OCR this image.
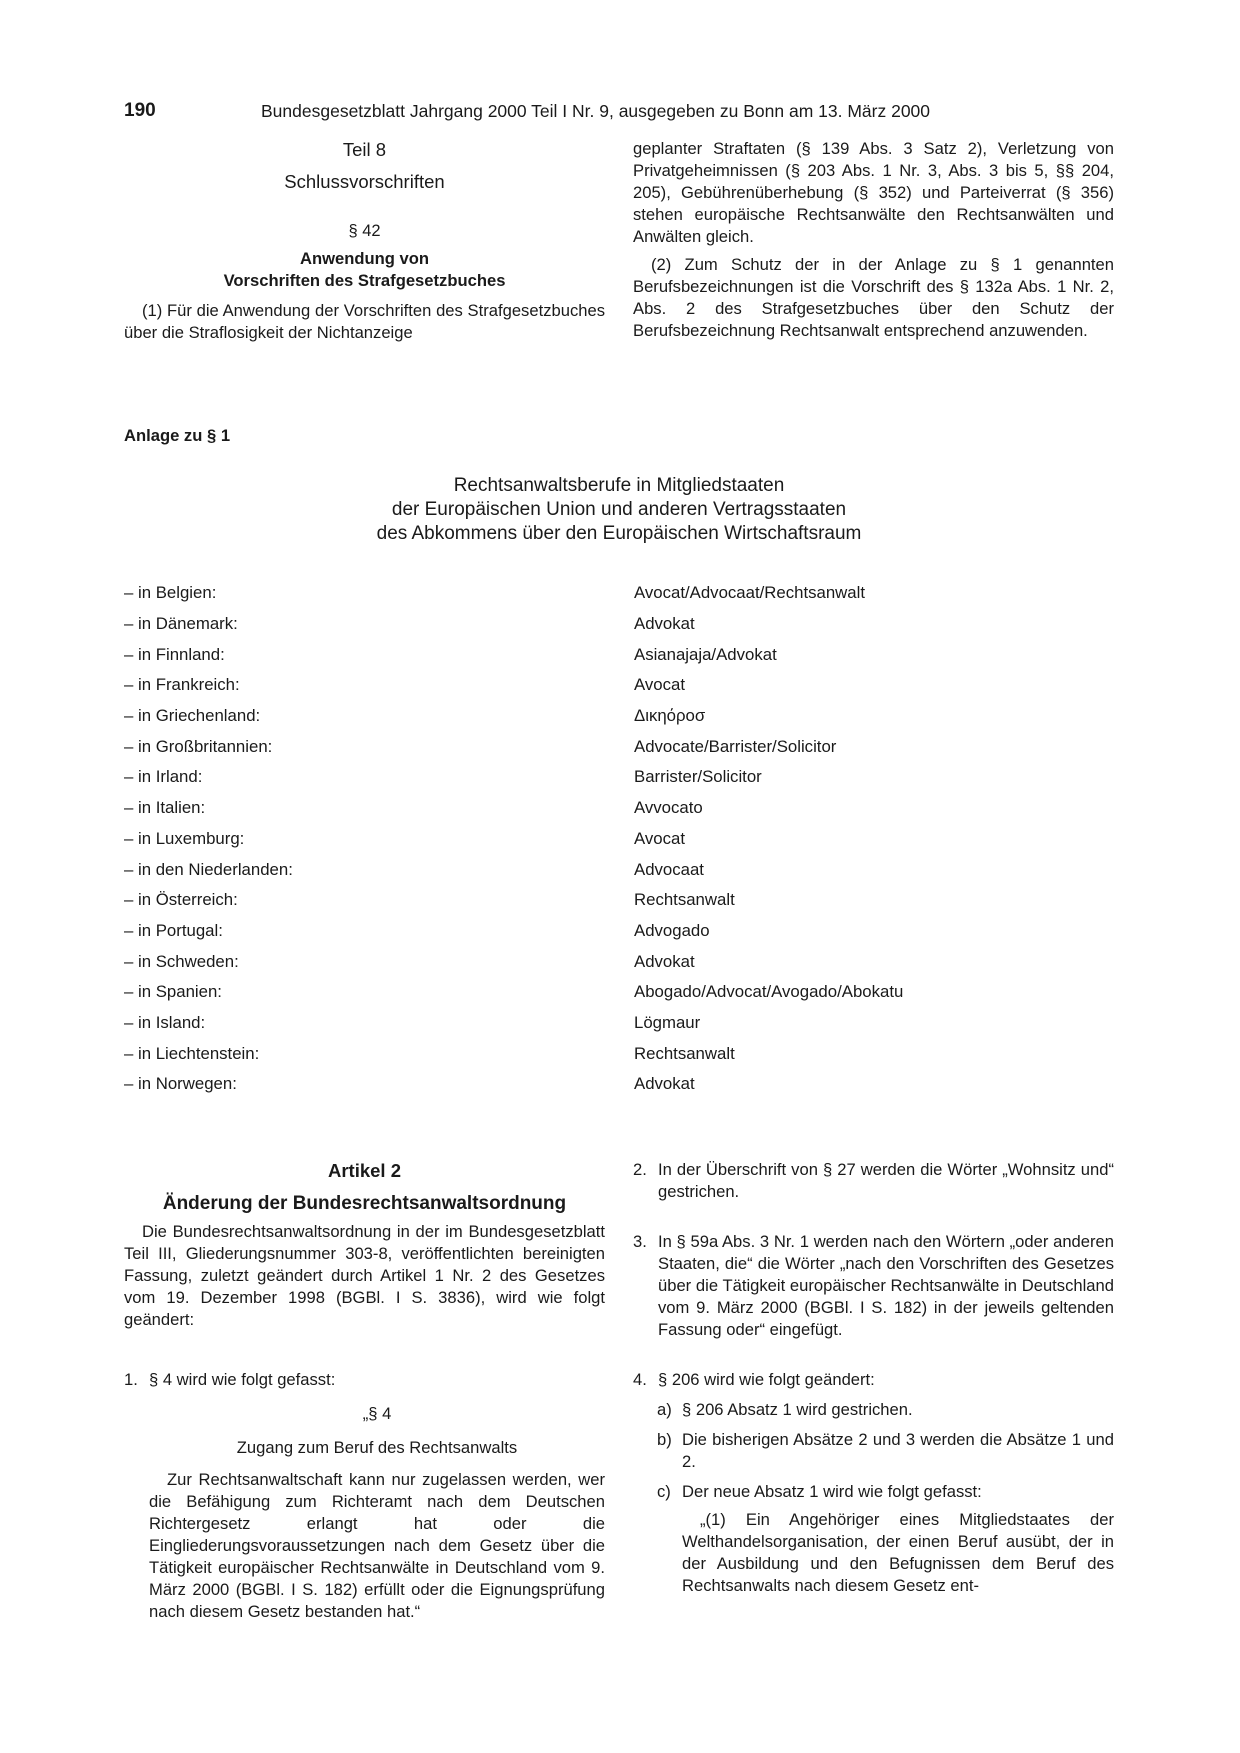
190	Bundesgesetzblatt Jahrgang 2000 Teil I Nr. 9, ausgegeben zu Bonn am 13. März 2000
Teil 8
Schlussvorschriften
§ 42
Anwendung von
Vorschriften des Strafgesetzbuches

(1) Für die Anwendung der Vorschriften des Strafgesetzbuches über die Straflosigkeit der Nichtanzeige

geplanter Straftaten (§ 139 Abs. 3 Satz 2), Verletzung von Privatgeheimnissen (§ 203 Abs. 1 Nr. 3, Abs. 3 bis 5, §§ 204, 205), Gebührenüberhebung (§ 352) und Parteiverrat (§ 356) stehen europäische Rechtsanwälte den Rechtsanwälten und Anwälten gleich.

(2) Zum Schutz der in der Anlage zu § 1 genannten Berufsbezeichnungen ist die Vorschrift des § 132a Abs. 1 Nr. 2, Abs. 2 des Strafgesetzbuches über den Schutz der Berufsbezeichnung Rechtsanwalt entsprechend anzuwenden.

Anlage zu § 1
Rechtsanwaltsberufe in Mitgliedstaaten
der Europäischen Union und anderen Vertragsstaaten
des Abkommens über den Europäischen Wirtschaftsraum
– in Belgien:	Avocat/Advocaat/Rechtsanwalt
– in Dänemark:	Advokat
– in Finnland:	Asianajaja/Advokat
– in Frankreich:	Avocat
– in Griechenland:	Δικηόροσ
– in Großbritannien:	Advocate/Barrister/Solicitor
– in Irland:	Barrister/Solicitor
– in Italien:	Avvocato
– in Luxemburg:	Avocat
– in den Niederlanden:	Advocaat
– in Österreich:	Rechtsanwalt
– in Portugal:	Advogado
– in Schweden:	Advokat
– in Spanien:	Abogado/Advocat/Avogado/Abokatu
– in Island:	Lögmaur
– in Liechtenstein:	Rechtsanwalt
– in Norwegen:	Advokat
Artikel 2
Änderung der Bundesrechtsanwaltsordnung

Die Bundesrechtsanwaltsordnung in der im Bundesgesetzblatt Teil III, Gliederungsnummer 303-8, veröffentlichten bereinigten Fassung, zuletzt geändert durch Artikel 1 Nr. 2 des Gesetzes vom 19. Dezember 1998 (BGBl. I S. 3836), wird wie folgt geändert:

1. § 4 wird wie folgt gefasst:
„§ 4
Zugang zum Beruf des Rechtsanwalts

Zur Rechtsanwaltschaft kann nur zugelassen werden, wer die Befähigung zum Richteramt nach dem Deutschen Richtergesetz erlangt hat oder die Eingliederungsvoraussetzungen nach dem Gesetz über die Tätigkeit europäischer Rechtsanwälte in Deutschland vom 9. März 2000 (BGBl. I S. 182) erfüllt oder die Eignungsprüfung nach diesem Gesetz bestanden hat.“

2. In der Überschrift von § 27 werden die Wörter „Wohnsitz und“ gestrichen.
3. In § 59a Abs. 3 Nr. 1 werden nach den Wörtern „oder anderen Staaten, die“ die Wörter „nach den Vorschriften des Gesetzes über die Tätigkeit europäischer Rechtsanwälte in Deutschland vom 9. März 2000 (BGBl. I S. 182) in der jeweils geltenden Fassung oder“ eingefügt.
4. § 206 wird wie folgt geändert:
a) § 206 Absatz 1 wird gestrichen.
b) Die bisherigen Absätze 2 und 3 werden die Absätze 1 und 2.
c) Der neue Absatz 1 wird wie folgt gefasst:

„(1) Ein Angehöriger eines Mitgliedstaates der Welthandelsorganisation, der einen Beruf ausübt, der in der Ausbildung und den Befugnissen dem Beruf des Rechtsanwalts nach diesem Gesetz ent-
